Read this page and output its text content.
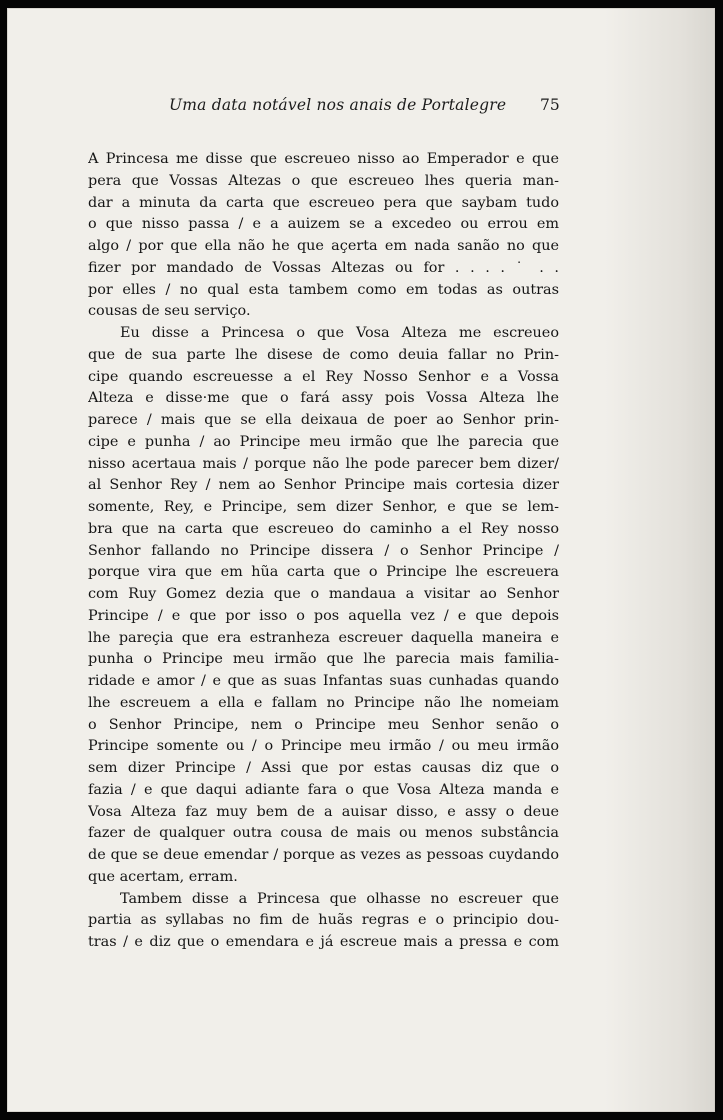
Uma data notável nos anais de Portalegre 75
A Princesa me disse que escreueo nisso ao Emperador e que
pera que Vossas Altezas o que escreueo lhes queria man-
dar a minuta da carta que escreueo pera que saybam tudo
o que nisso passa / e a auizem se a excedeo ou errou em
algo / por que ella não he que açerta em nada sanão no que
fizer por mandado de Vossas Altezas ou for . . . . ˙ . .
por elles / no qual esta tambem como em todas as outras
cousas de seu serviço.
Eu disse a Princesa o que Vosa Alteza me escreueo
que de sua parte lhe disese de como deuia fallar no Prin-
cipe quando escreuesse a el Rey Nosso Senhor e a Vossa
Alteza e disse·me que o fará assy pois Vossa Alteza lhe
parece / mais que se ella deixaua de poer ao Senhor prin-
cipe e punha / ao Principe meu irmão que lhe parecia que
nisso acertaua mais / porque não lhe pode parecer bem dizer/
al Senhor Rey / nem ao Senhor Principe mais cortesia dizer
somente, Rey, e Principe, sem dizer Senhor, e que se lem-
bra que na carta que escreueo do caminho a el Rey nosso
Senhor fallando no Principe dissera / o Senhor Principe /
porque vira que em hũa carta que o Principe lhe escreuera
com Ruy Gomez dezia que o mandaua a visitar ao Senhor
Principe / e que por isso o pos aquella vez / e que depois
lhe pareçia que era estranheza escreuer daquella maneira e
punha o Principe meu irmão que lhe parecia mais familia-
ridade e amor / e que as suas Infantas suas cunhadas quando
lhe escreuem a ella e fallam no Principe não lhe nomeiam
o Senhor Principe, nem o Principe meu Senhor senão o
Principe somente ou / o Principe meu irmão / ou meu irmão
sem dizer Principe / Assi que por estas causas diz que o
fazia / e que daqui adiante fara o que Vosa Alteza manda e
Vosa Alteza faz muy bem de a auisar disso, e assy o deue
fazer de qualquer outra cousa de mais ou menos substância
de que se deue emendar / porque as vezes as pessoas cuydando
que acertam, erram.
Tambem disse a Princesa que olhasse no escreuer que
partia as syllabas no fim de huãs regras e o principio dou-
tras / e diz que o emendara e já escreue mais a pressa e com
